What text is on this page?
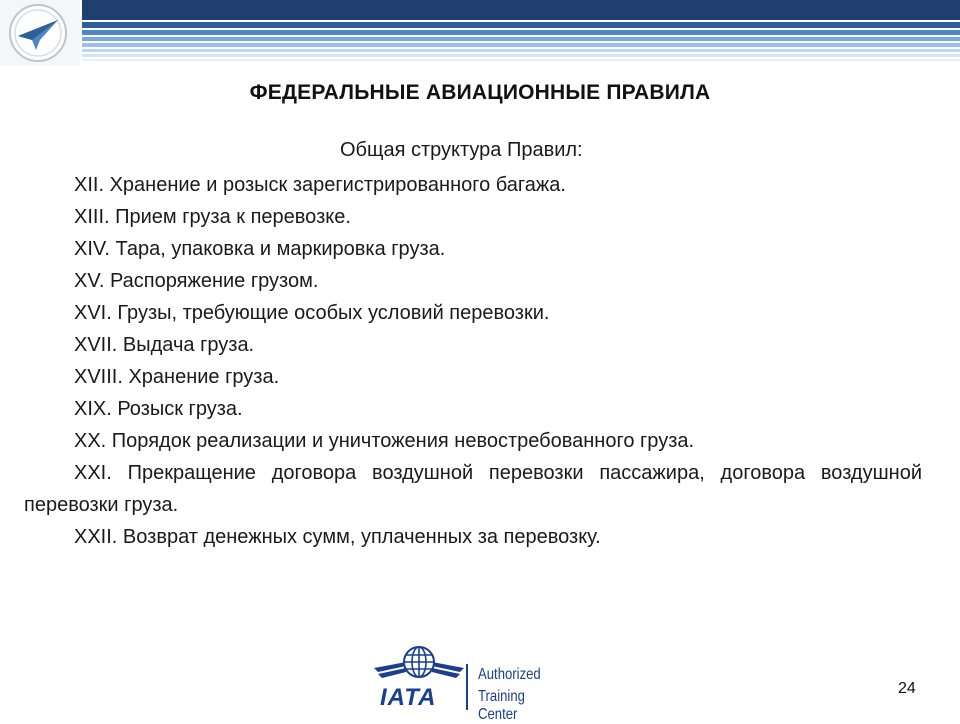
ФЕДЕРАЛЬНЫЕ АВИАЦИОННЫЕ ПРАВИЛА
Общая структура Правил:

XII. Хранение и розыск зарегистрированного багажа.

XIII. Прием груза к перевозке.

XIV. Тара, упаковка и маркировка груза.

XV. Распоряжение грузом.

XVI. Грузы, требующие особых условий перевозки.

XVII. Выдача груза.

XVIII. Хранение груза.

XIX. Розыск груза.

XX. Порядок реализации и уничтожения невостребованного груза.

XXI. Прекращение договора воздушной перевозки пассажира, договора воздушной перевозки груза.

XXII. Возврат денежных сумм, уплаченных за перевозку.

IATA
Authorized
Training Center
24
